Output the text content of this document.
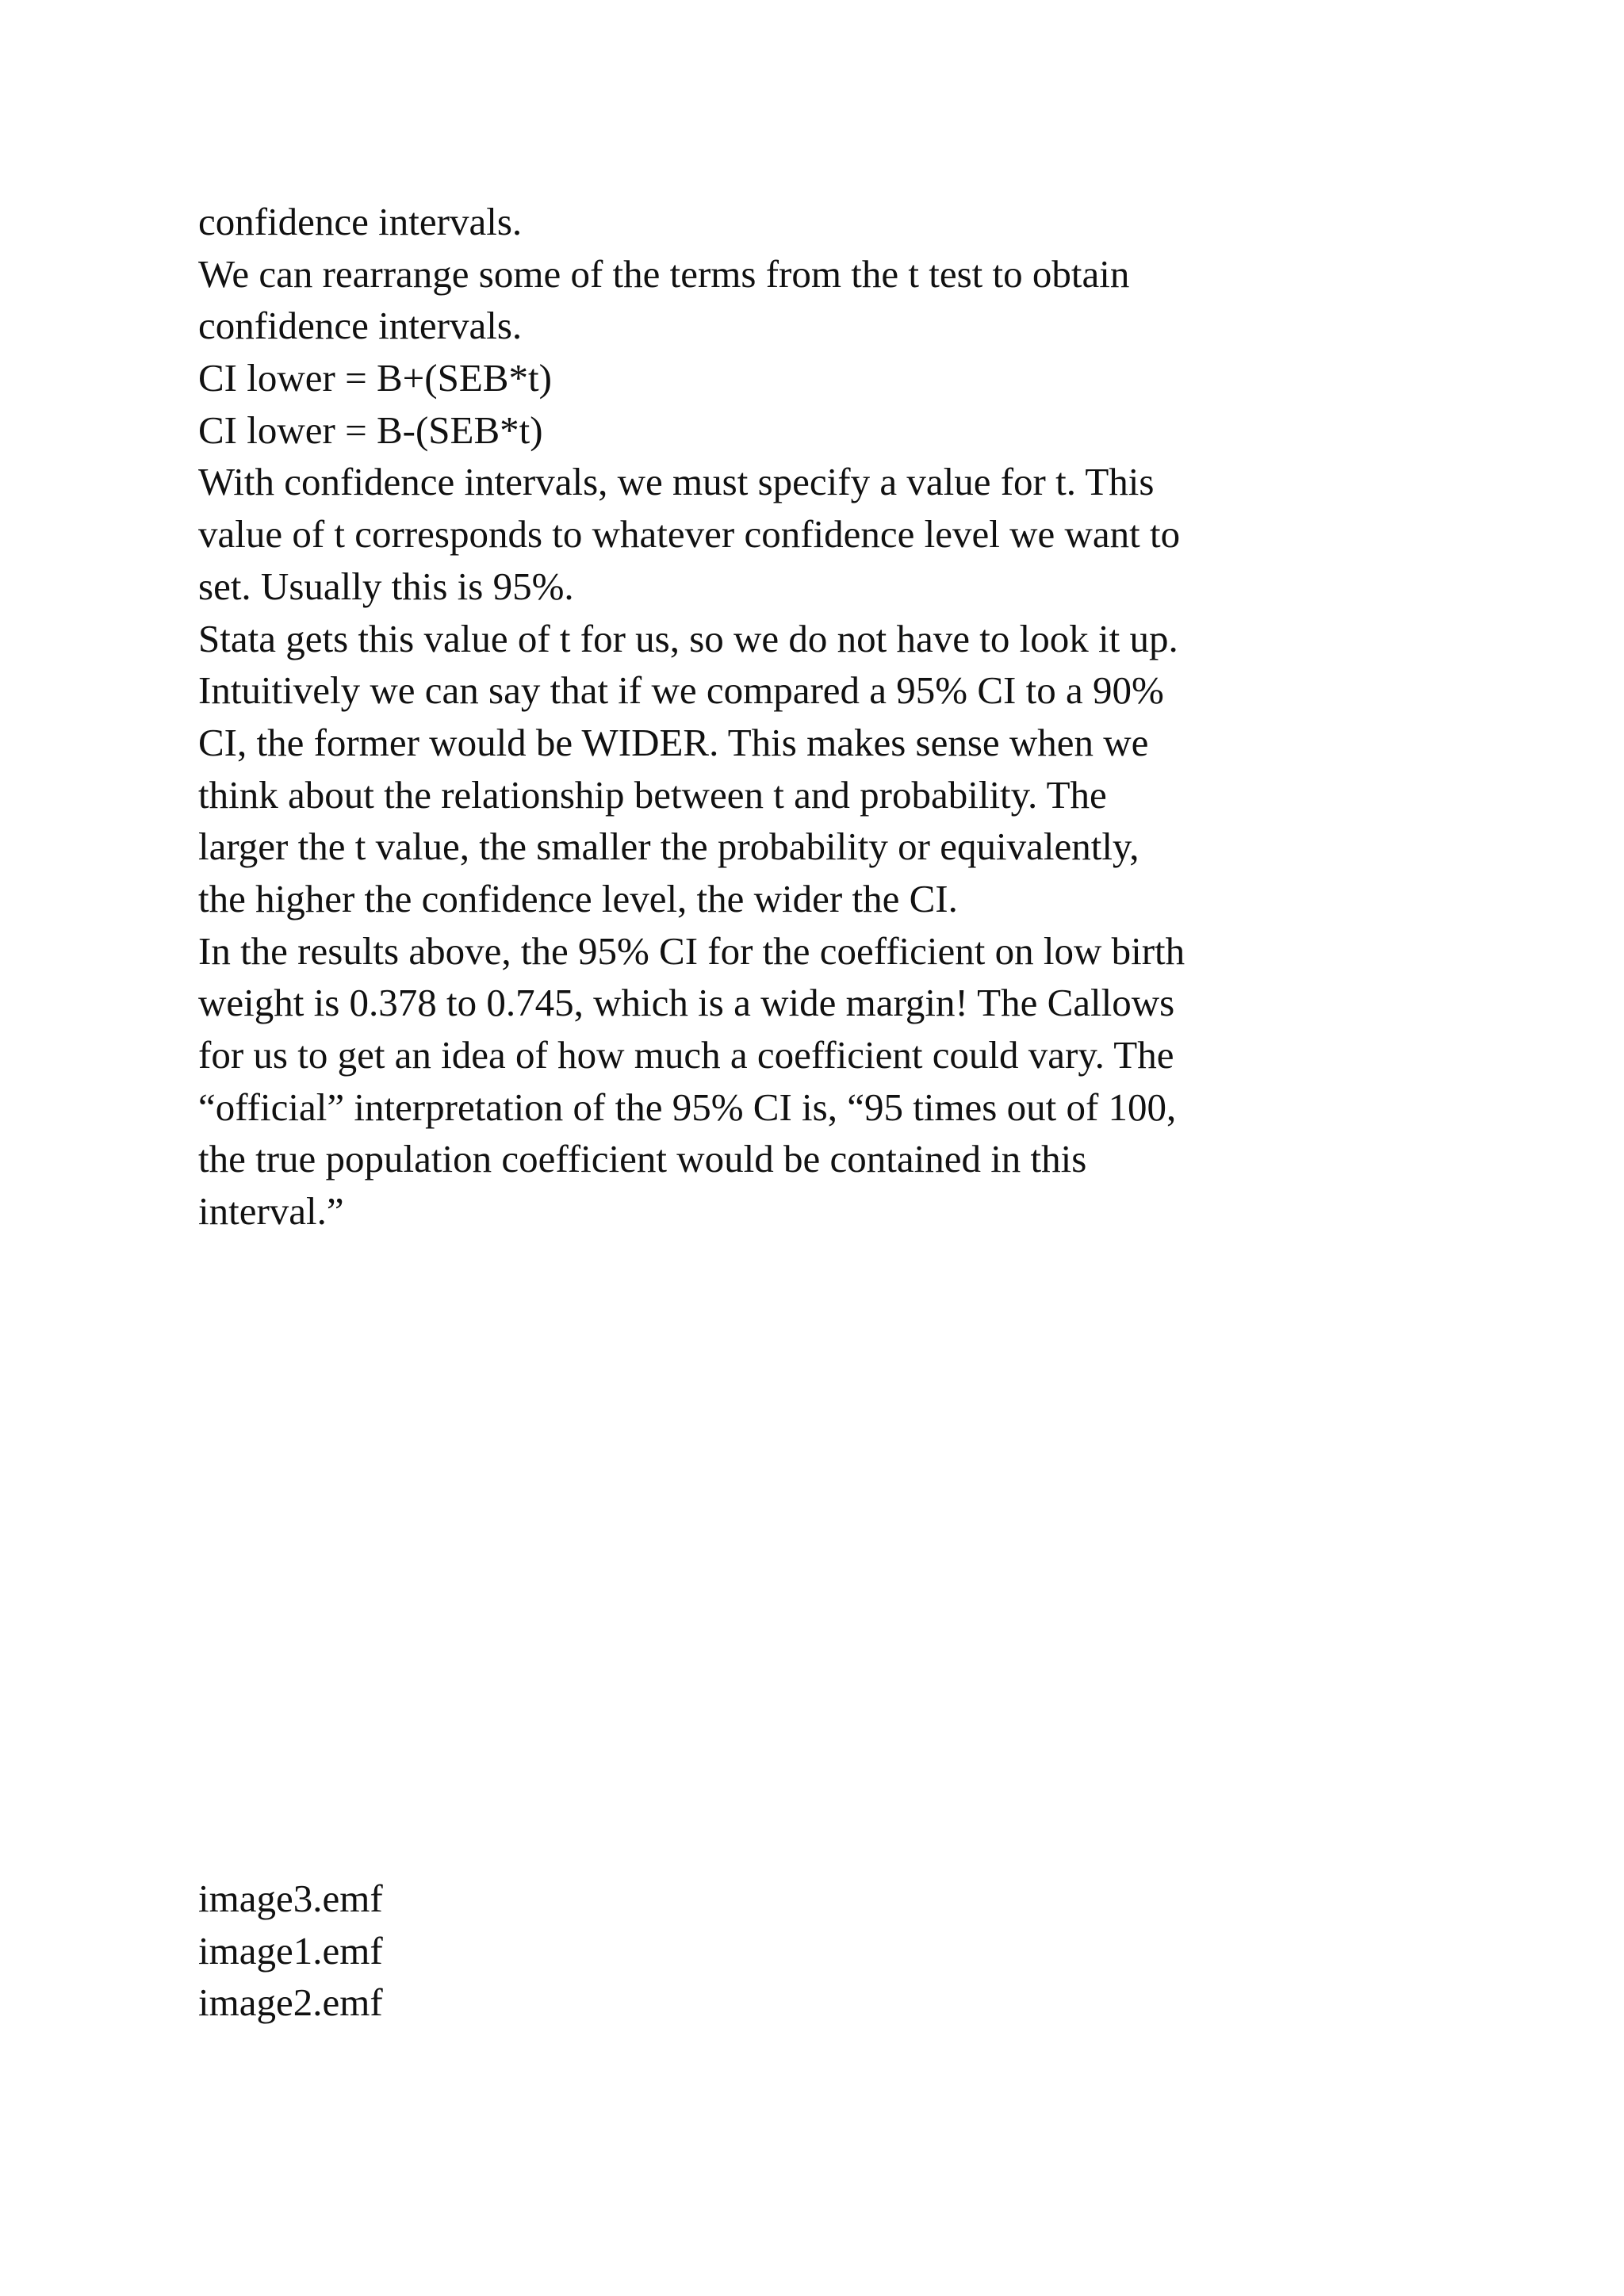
confidence intervals.
We can rearrange some of the terms from the t test to obtain
confidence intervals.
CI lower = B+(SEB*t)
CI lower = B-(SEB*t)
With confidence intervals, we must specify a value for t. This
value of t corresponds to whatever confidence level we want to
set. Usually this is 95%.
Stata gets this value of t for us, so we do not have to look it up.
Intuitively we can say that if we compared a 95% CI to a 90%
CI, the former would be WIDER. This makes sense when we
think about the relationship between t and probability. The
larger the t value, the smaller the probability or equivalently,
the higher the confidence level, the wider the CI.
In the results above, the 95% CI for the coefficient on low birth
weight is 0.378 to 0.745, which is a wide margin! The Callows
for us to get an idea of how much a coefficient could vary. The
“official” interpretation of the 95% CI is, “95 times out of 100,
the true population coefficient would be contained in this
interval.”
image3.emf
image1.emf
image2.emf
